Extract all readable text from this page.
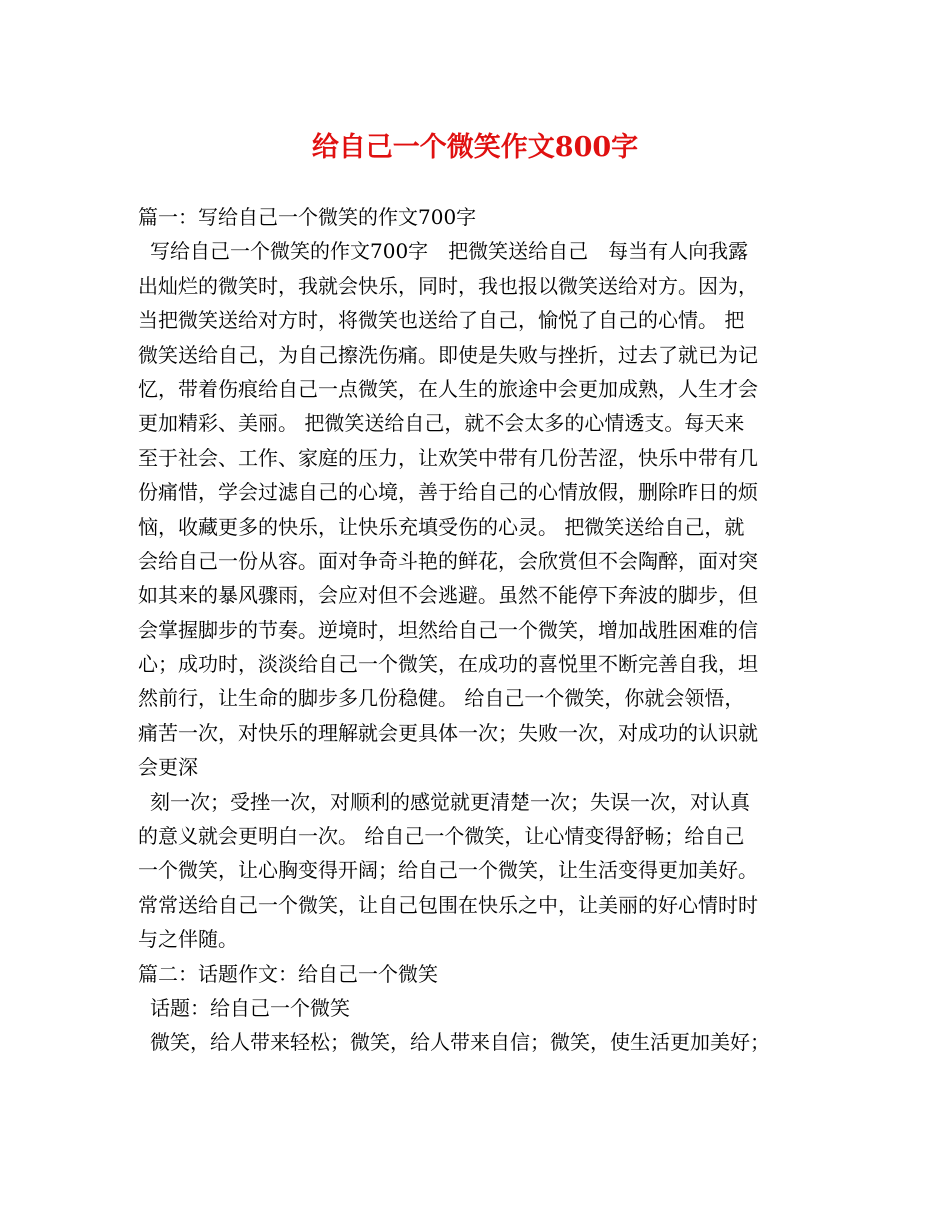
给自己一个微笑作文800字
篇一：写给自己一个微笑的作文700字
写给自己一个微笑的作文700字　把微笑送给自己　每当有人向我露
出灿烂的微笑时，我就会快乐，同时，我也报以微笑送给对方。因为，
当把微笑送给对方时，将微笑也送给了自己，愉悦了自己的心情。 把
微笑送给自己，为自己擦洗伤痛。即使是失败与挫折，过去了就已为记
忆，带着伤痕给自己一点微笑，在人生的旅途中会更加成熟，人生才会
更加精彩、美丽。 把微笑送给自己，就不会太多的心情透支。每天来
至于社会、工作、家庭的压力，让欢笑中带有几份苦涩，快乐中带有几
份痛惜，学会过滤自己的心境，善于给自己的心情放假，删除昨日的烦
恼，收藏更多的快乐，让快乐充填受伤的心灵。 把微笑送给自己，就
会给自己一份从容。面对争奇斗艳的鲜花，会欣赏但不会陶醉，面对突
如其来的暴风骤雨，会应对但不会逃避。虽然不能停下奔波的脚步，但
会掌握脚步的节奏。逆境时，坦然给自己一个微笑，增加战胜困难的信
心；成功时，淡淡给自己一个微笑，在成功的喜悦里不断完善自我，坦
然前行，让生命的脚步多几份稳健。 给自己一个微笑，你就会领悟，
痛苦一次，对快乐的理解就会更具体一次；失败一次，对成功的认识就
会更深
刻一次；受挫一次，对顺利的感觉就更清楚一次；失误一次，对认真
的意义就会更明白一次。 给自己一个微笑，让心情变得舒畅；给自己
一个微笑，让心胸变得开阔；给自己一个微笑，让生活变得更加美好。
常常送给自己一个微笑，让自己包围在快乐之中，让美丽的好心情时时
与之伴随。
篇二：话题作文：给自己一个微笑
话题：给自己一个微笑
微笑，给人带来轻松；微笑，给人带来自信；微笑，使生活更加美好；
